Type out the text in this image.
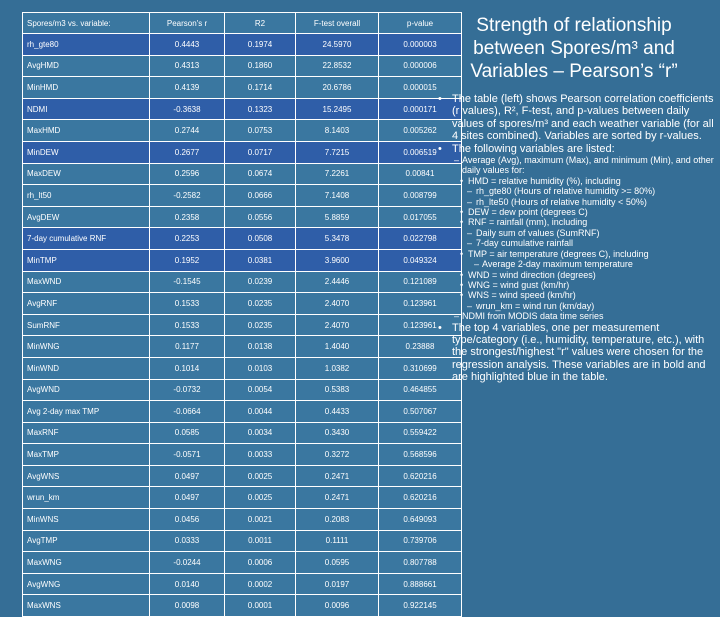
Spores/m3 vs. variable:	Pearson's r	R2	F-test overall	p-value
rh_gte80	0.4443	0.1974	24.5970	0.000003
AvgHMD	0.4313	0.1860	22.8532	0.000006
MinHMD	0.4139	0.1714	20.6786	0.000015
NDMI	-0.3638	0.1323	15.2495	0.000171
MaxHMD	0.2744	0.0753	8.1403	0.005262
MinDEW	0.2677	0.0717	7.7215	0.006519
MaxDEW	0.2596	0.0674	7.2261	0.00841
rh_lt50	-0.2582	0.0666	7.1408	0.008799
AvgDEW	0.2358	0.0556	5.8859	0.017055
7-day cumulative RNF	0.2253	0.0508	5.3478	0.022798
MinTMP	0.1952	0.0381	3.9600	0.049324
MaxWND	-0.1545	0.0239	2.4446	0.121089
AvgRNF	0.1533	0.0235	2.4070	0.123961
SumRNF	0.1533	0.0235	2.4070	0.123961
MinWNG	0.1177	0.0138	1.4040	0.23888
MinWND	0.1014	0.0103	1.0382	0.310699
AvgWND	-0.0732	0.0054	0.5383	0.464855
Avg 2-day max TMP	-0.0664	0.0044	0.4433	0.507067
MaxRNF	0.0585	0.0034	0.3430	0.559422
MaxTMP	-0.0571	0.0033	0.3272	0.568596
AvgWNS	0.0497	0.0025	0.2471	0.620216
wrun_km	0.0497	0.0025	0.2471	0.620216
MinWNS	0.0456	0.0021	0.2083	0.649093
AvgTMP	0.0333	0.0011	0.1111	0.739706
MaxWNG	-0.0244	0.0006	0.0595	0.807788
AvgWNG	0.0140	0.0002	0.0197	0.888661
MaxWNS	0.0098	0.0001	0.0096	0.922145
Strength of relationship between Spores/m³ and Variables – Pearson’s “r”

• The table (left) shows Pearson correlation coefficients (r values), R², F-test, and p-values between daily values of spores/m³ and each weather variable (for all 4 sites combined). Variables are sorted by r-values.

• The following variables are listed:

– Average (Avg), maximum (Max), and minimum (Min), and other daily values for:

• HMD = relative humidity (%), including

– rh_gte80 (Hours of relative humidity >= 80%)

– rh_lte50 (Hours of relative humidity < 50%)

• DEW = dew point (degrees C)

• RNF = rainfall (mm), including

– Daily sum of values (SumRNF)

– 7-day cumulative rainfall

• TMP = air temperature (degrees C), including

– Average 2-day maximum temperature

• WND = wind direction (degrees)

• WNG = wind gust (km/hr)

• WNS = wind speed (km/hr)

– wrun_km = wind run (km/day)

– NDMI from MODIS data time series

• The top 4 variables, one per measurement type/category (i.e., humidity, temperature, etc.), with the strongest/highest "r" values were chosen for the regression analysis. These variables are in bold and are highlighted blue in the table.
